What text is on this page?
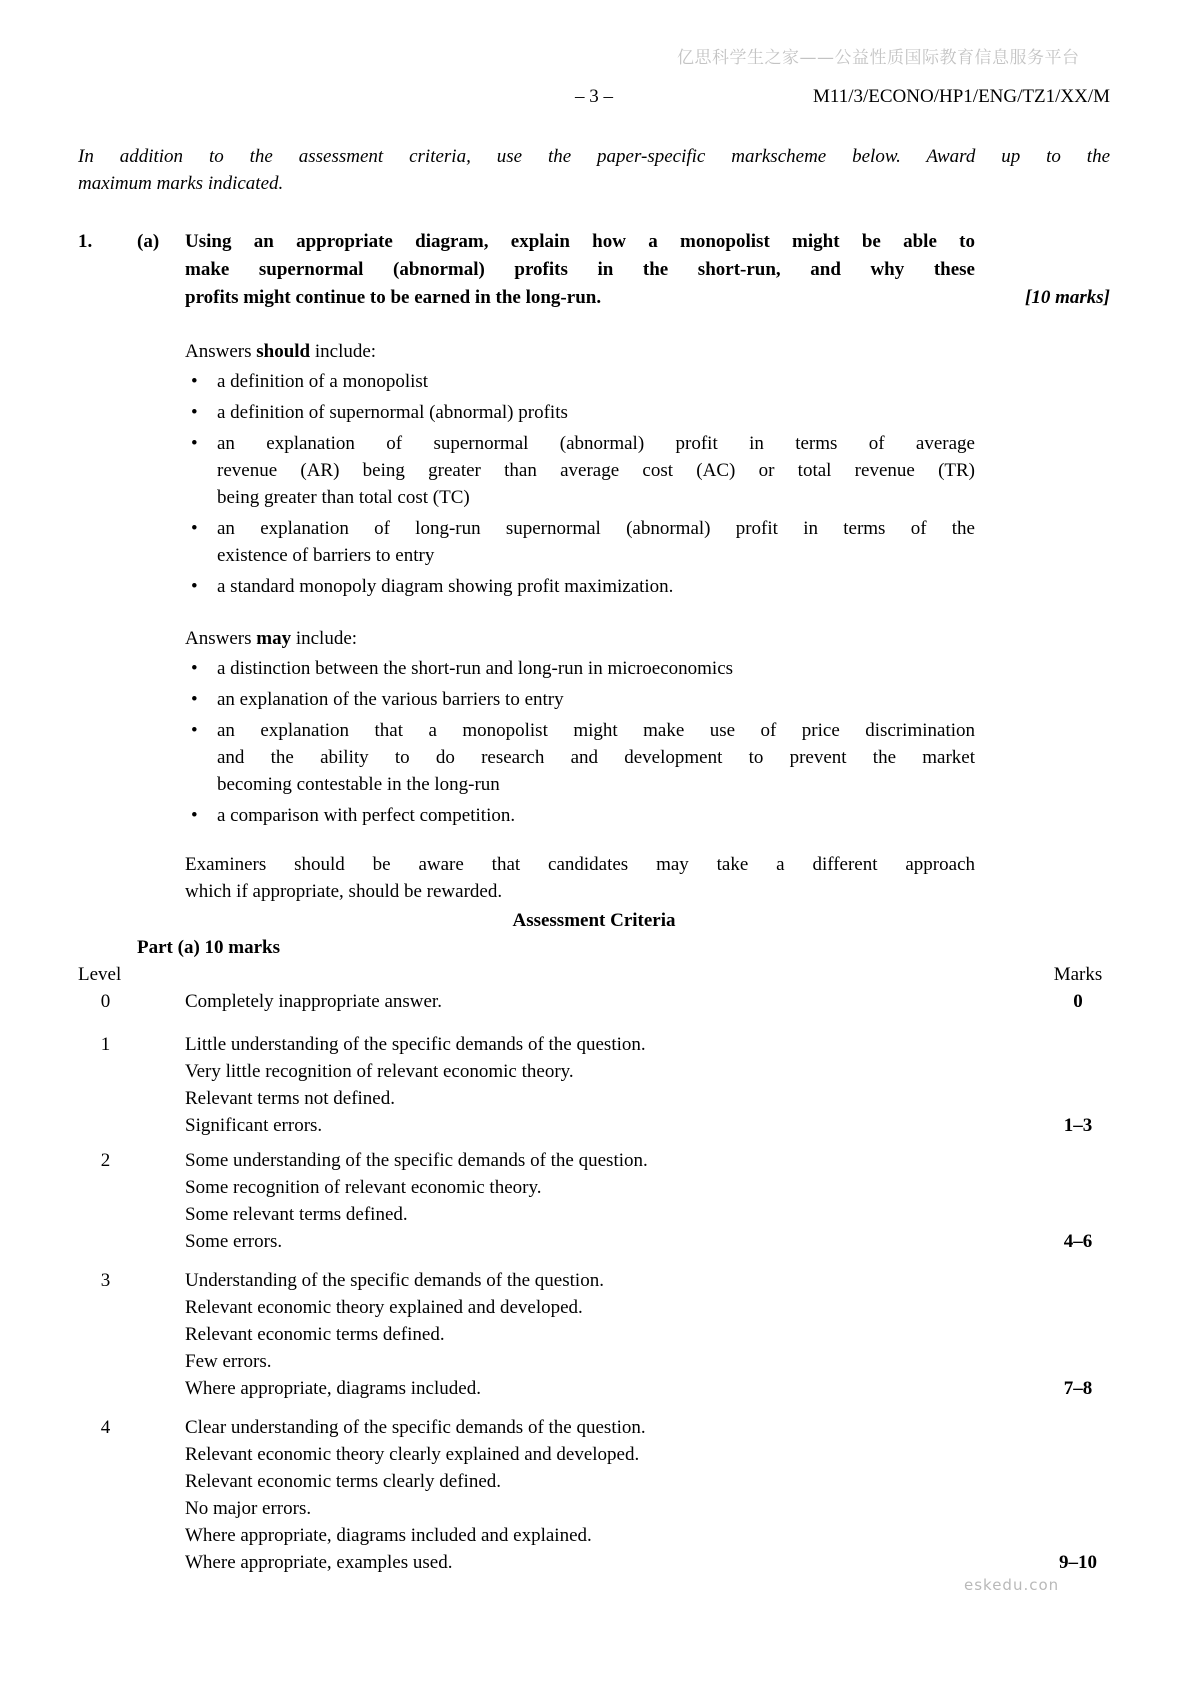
亿思科学生之家——公益性质国际教育信息服务平台
– 3 –	M11/3/ECONO/HP1/ENG/TZ1/XX/M
In addition to the assessment criteria, use the paper-specific markscheme below. Award up to the
maximum marks indicated.
1. (a) Using an appropriate diagram, explain how a monopolist might be able to
make supernormal (abnormal) profits in the short-run, and why these
profits might continue to be earned in the long-run.	[10 marks]
Answers should include:
•	a definition of a monopolist
•	a definition of supernormal (abnormal) profits
•	an explanation of supernormal (abnormal) profit in terms of average
revenue (AR) being greater than average cost (AC) or total revenue (TR)
being greater than total cost (TC)
•	an explanation of long-run supernormal (abnormal) profit in terms of the
existence of barriers to entry
•	a standard monopoly diagram showing profit maximization.
Answers may include:
•	a distinction between the short-run and long-run in microeconomics
•	an explanation of the various barriers to entry
•	an explanation that a monopolist might make use of price discrimination
and the ability to do research and development to prevent the market
becoming contestable in the long-run
•	a comparison with perfect competition.
Examiners should be aware that candidates may take a different approach
which if appropriate, should be rewarded.
Assessment Criteria
Part (a) 10 marks
Level	Marks
0	Completely inappropriate answer.	0
1	Little understanding of the specific demands of the question.
Very little recognition of relevant economic theory.
Relevant terms not defined.
Significant errors.	1–3
2	Some understanding of the specific demands of the question.
Some recognition of relevant economic theory.
Some relevant terms defined.
Some errors.	4–6
3	Understanding of the specific demands of the question.
Relevant economic theory explained and developed.
Relevant economic terms defined.
Few errors.
Where appropriate, diagrams included.	7–8
4	Clear understanding of the specific demands of the question.
Relevant economic theory clearly explained and developed.
Relevant economic terms clearly defined.
No major errors.
Where appropriate, diagrams included and explained.
Where appropriate, examples used.	9–10
eskedu.con
